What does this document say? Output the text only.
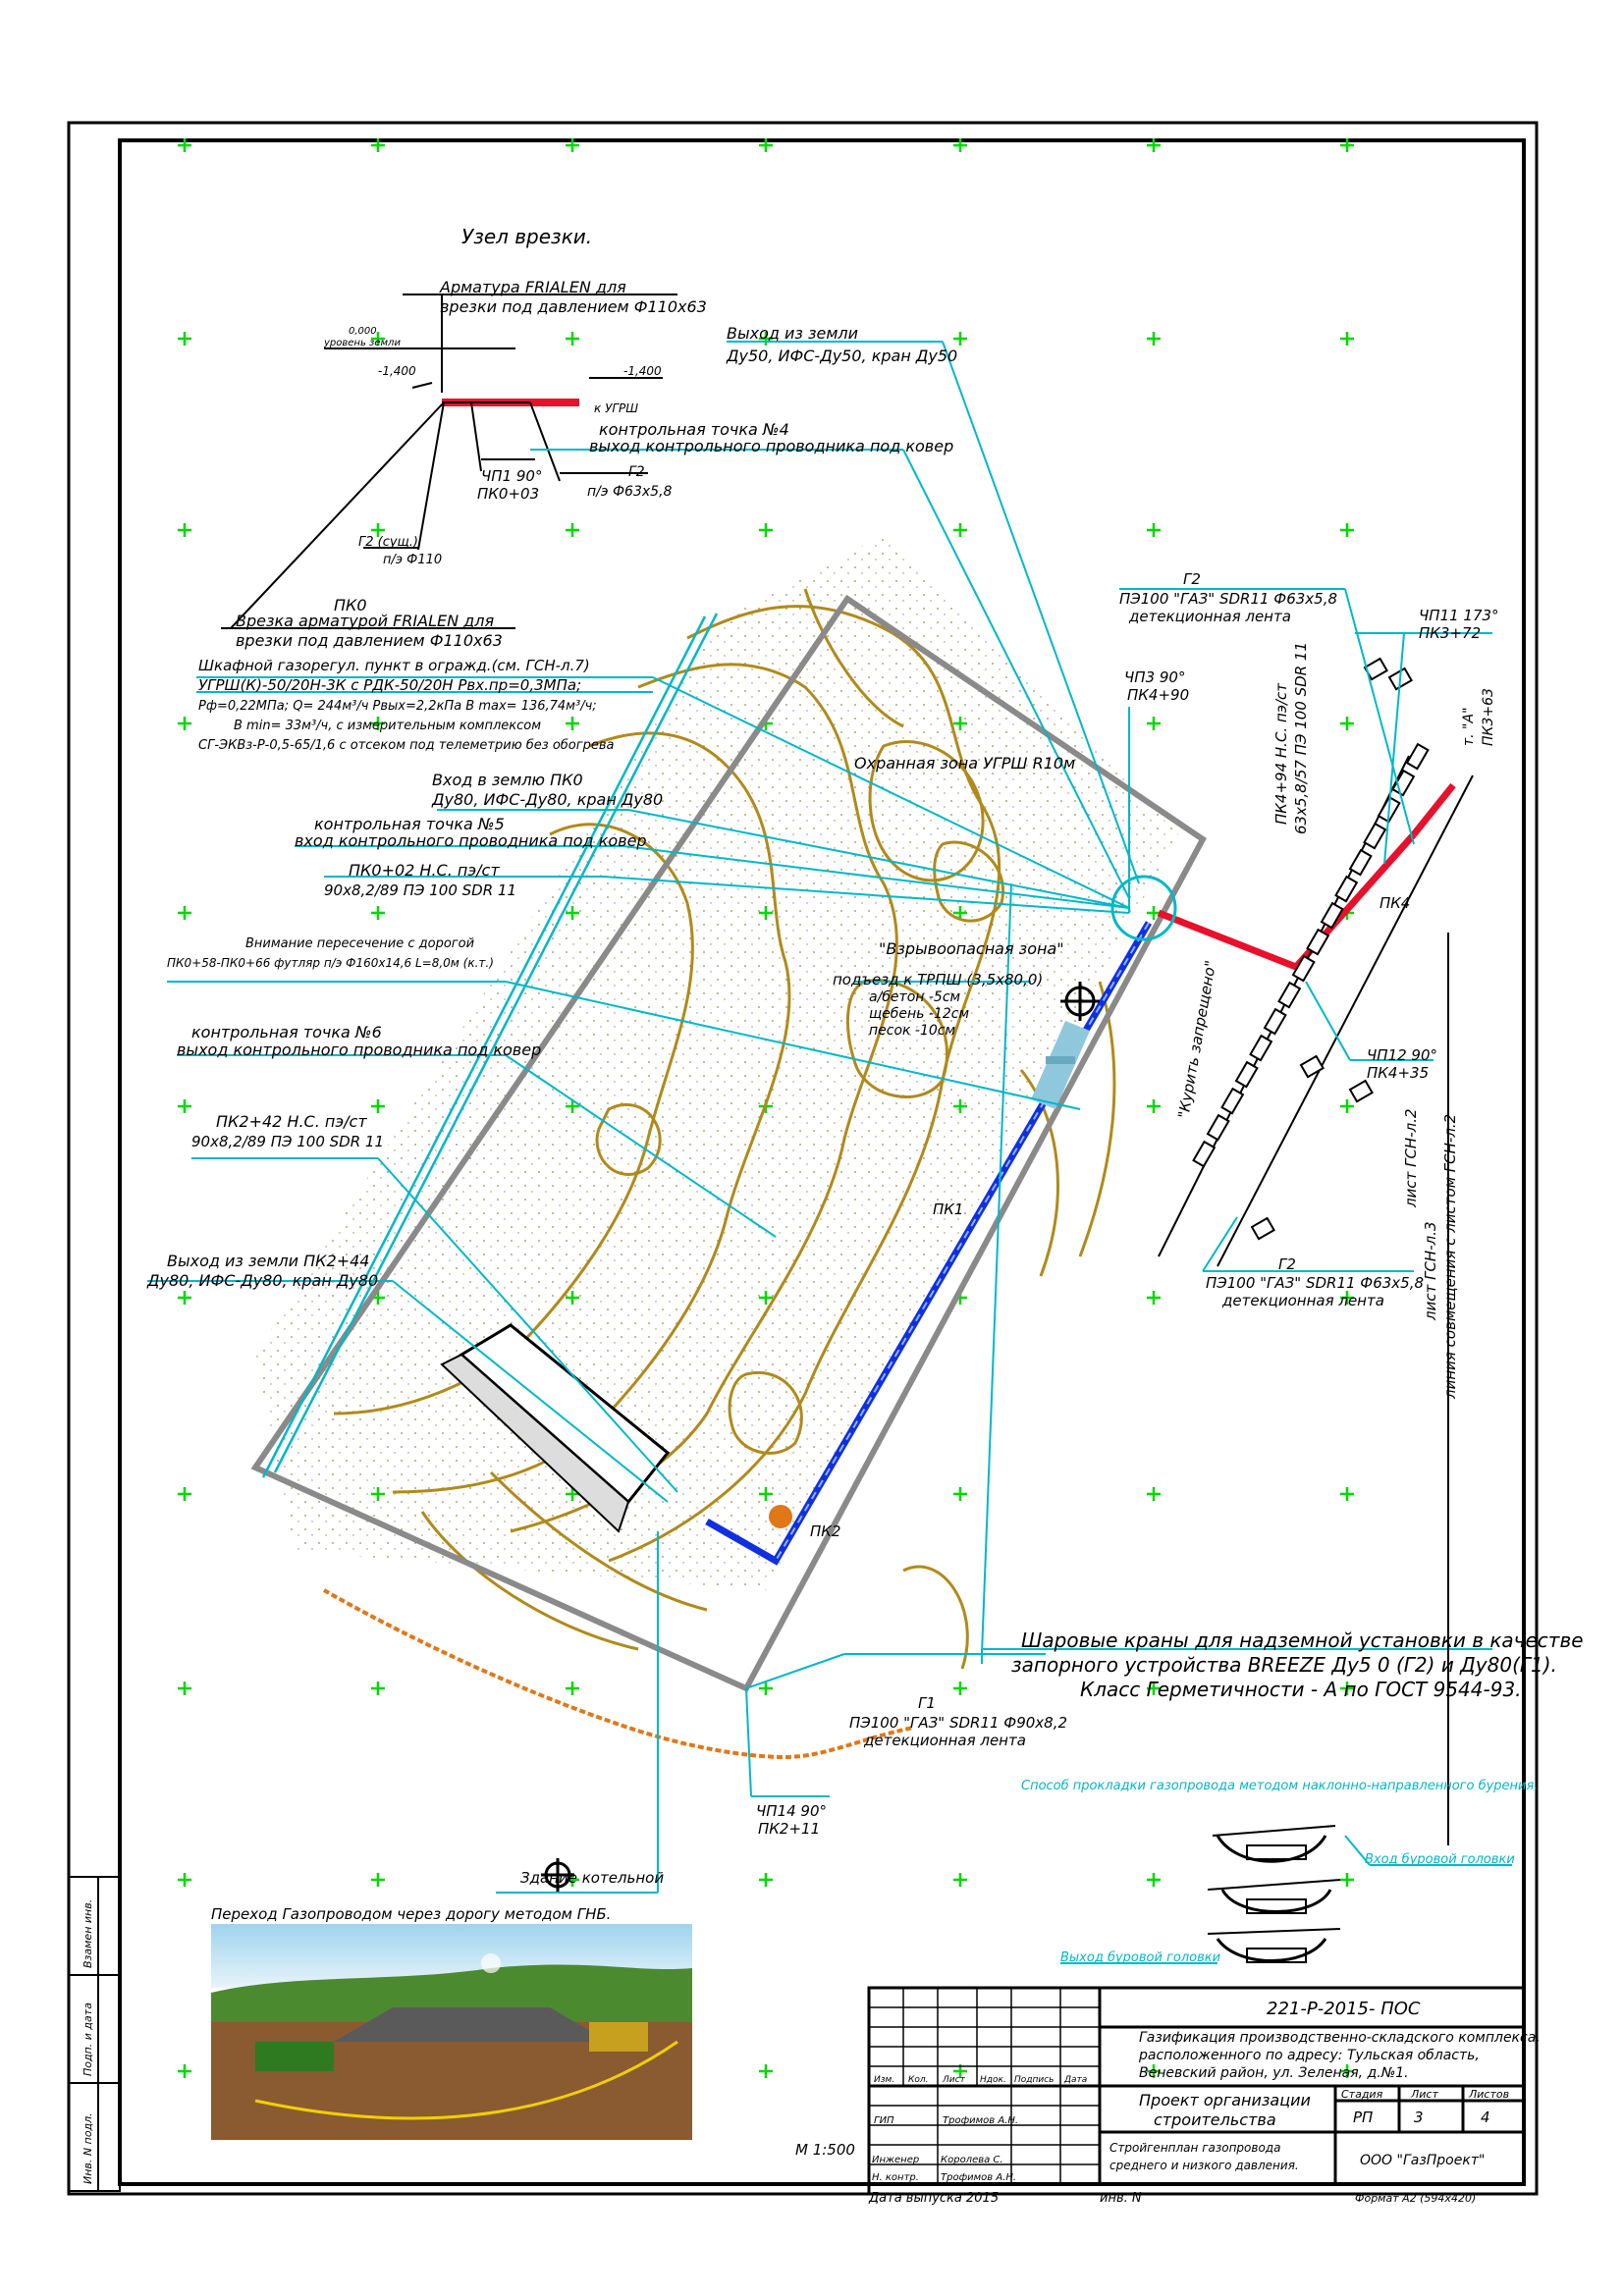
Узел врезки.
Арматура FRIALEN для
врезки под давлением Ф110х63
0,000
уровень земли
-1,400	-1,400
к УГРШ
ЧП1 90°
ПК0+03
Г2
п/э Ф63х5,8
Г2 (сущ.)
п/э Ф110
ПК0
Врезка арматурой FRIALEN для
врезки под давлением Ф110х63
Выход из земли
Ду50, ИФС-Ду50, кран Ду50
контрольная точка №4
выход контрольного проводника под ковер
Шкафной газорегул. пункт в огражд.(см. ГСН-л.7)
УГРШ(К)-50/20Н-3К с РДК-50/20Н Рвх.пр=0,3МПа;
Рф=0,22МПа; Q= 244м³/ч Рвых=2,2кПа В max= 136,74м³/ч;
В min= 33м³/ч, с измерительным комплексом
СГ-ЭКВз-Р-0,5-65/1,6 с отсеком под телеметрию без обогрева
Вход в землю ПК0
Ду80, ИФС-Ду80, кран Ду80
контрольная точка №5
вход контрольного проводника под ковер
ПК0+02 Н.С. пэ/ст
90х8,2/89 ПЭ 100 SDR 11
Внимание пересечение с дорогой
ПК0+58-ПК0+66 футляр п/э Ф160х14,6 L=8,0м (к.т.)
контрольная точка №6
выход контрольного проводника под ковер
ПК2+42 Н.С. пэ/ст
90х8,2/89 ПЭ 100 SDR 11
Выход из земли ПК2+44
Ду80, ИФС-Ду80, кран Ду80
Г2
ПЭ100 "ГАЗ" SDR11 Ф63х5,8
детекционная лента	ЧП11 173°
ПК3+72
ЧП3 90°
ПК4+90	ПК4+94 Н.С. пэ/ст 63х5,8/57 ПЭ 100 SDR 11	т. "А" ПК3+63
Охранная зона УГРШ R10м
"Взрывоопасная зона"
"Курить запрещено"
подъезд к ТРПШ (3,5х80,0)
а/бетон -5см
щебень -12см
песок -10см
ПК4
ЧП12 90°
ПК4+35
ПК1
ПК2
лист ГСН-л.2
лист ГСН-л.3 линия совмещения с листом ГСН-л.2
Г2
ПЭ100 "ГАЗ" SDR11 Ф63х5,8
детекционная лента
Шаровые краны для надземной установки в качестве
запорного устройства BREEZE Ду5 0 (Г2) и Ду80(Г1).
Класс Герметичности - А по ГОСТ 9544-93.
Г1
ПЭ100 "ГАЗ" SDR11 Ф90х8,2
детекционная лента
ЧП14 90°
ПК2+11
Здание котельной
Способ прокладки газопровода методом наклонно-направленного бурения.
Вход буровой головки
Выход буровой головки
Переход Газопроводом через дорогу методом ГНБ.
М 1:500
221-Р-2015- ПОС
Газификация производственно-складского комплекса,
расположенного по адресу: Тульская область,
Веневский район, ул. Зеленая, д.№1.
Изм. Кол. Лист Ндок. Подпись Дата
Проект организации
строительства
Стадия	Лист	Листов
РП	3	4
ГИП	Трофимов А.Н.
Инженер Королева С.
Н. контр. Трофимов А.Н.
Стройгенплан газопровода
среднего и низкого давления.	ООО "ГазПроект"
Дата выпуска 2015	инв. N	Формат А2 (594х420)
Взамен инв.
Подп. и дата
Инв. N подл.
